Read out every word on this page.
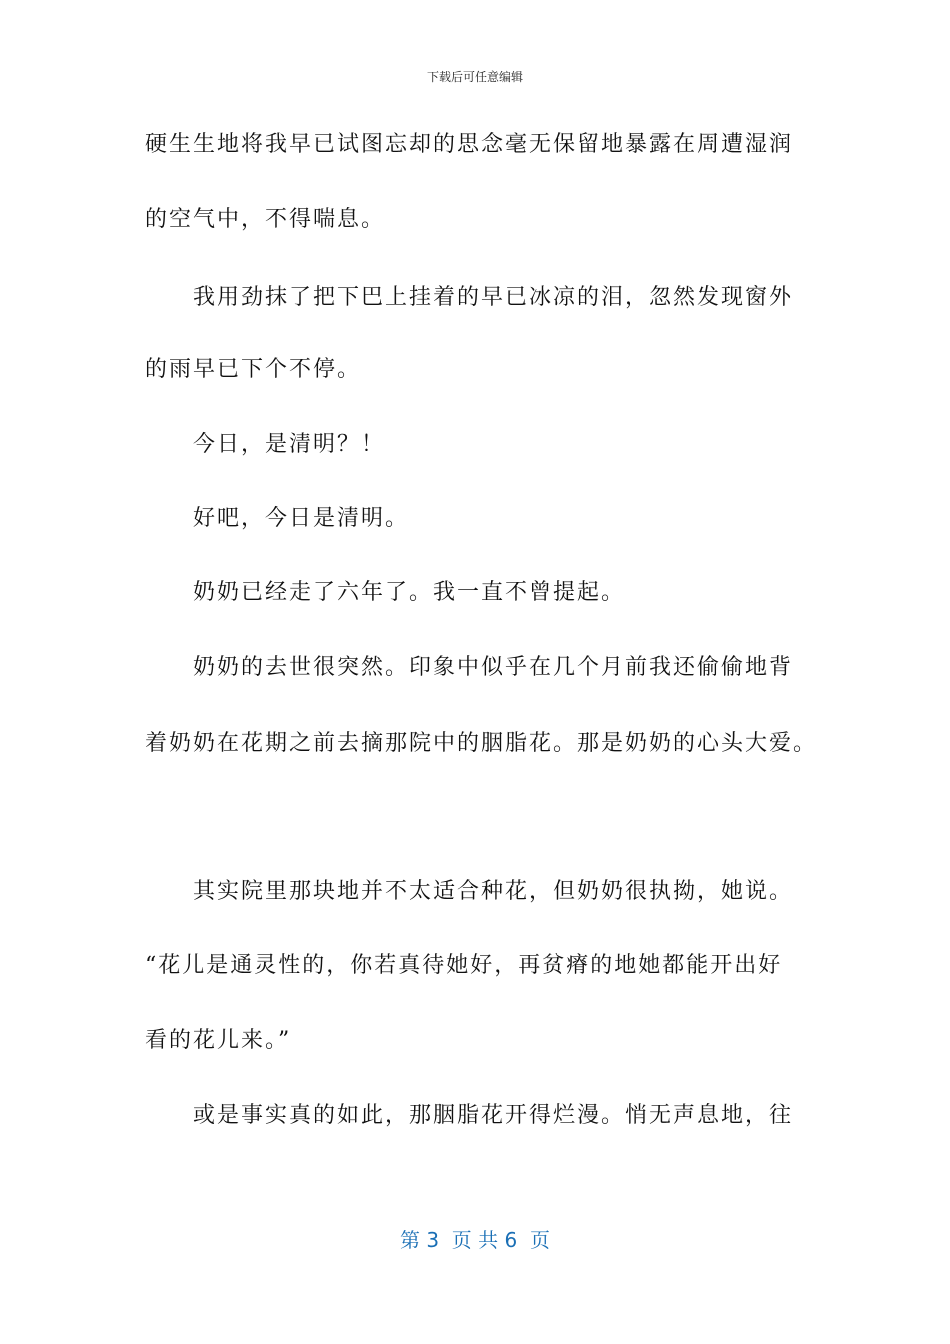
下载后可任意编辑
硬生生地将我早已试图忘却的思念毫无保留地暴露在周遭湿润
的空气中，不得喘息。
我用劲抹了把下巴上挂着的早已冰凉的泪，忽然发现窗外
的雨早已下个不停。
今日，是清明？！
好吧，今日是清明。
奶奶已经走了六年了。我一直不曾提起。
奶奶的去世很突然。印象中似乎在几个月前我还偷偷地背
着奶奶在花期之前去摘那院中的胭脂花。那是奶奶的心头大爱。
其实院里那块地并不太适合种花，但奶奶很执拗，她说。
“花儿是通灵性的，你若真待她好，再贫瘠的地她都能开出好
看的花儿来。”
或是事实真的如此，那胭脂花开得烂漫。悄无声息地，往
第 3  页 共 6  页
